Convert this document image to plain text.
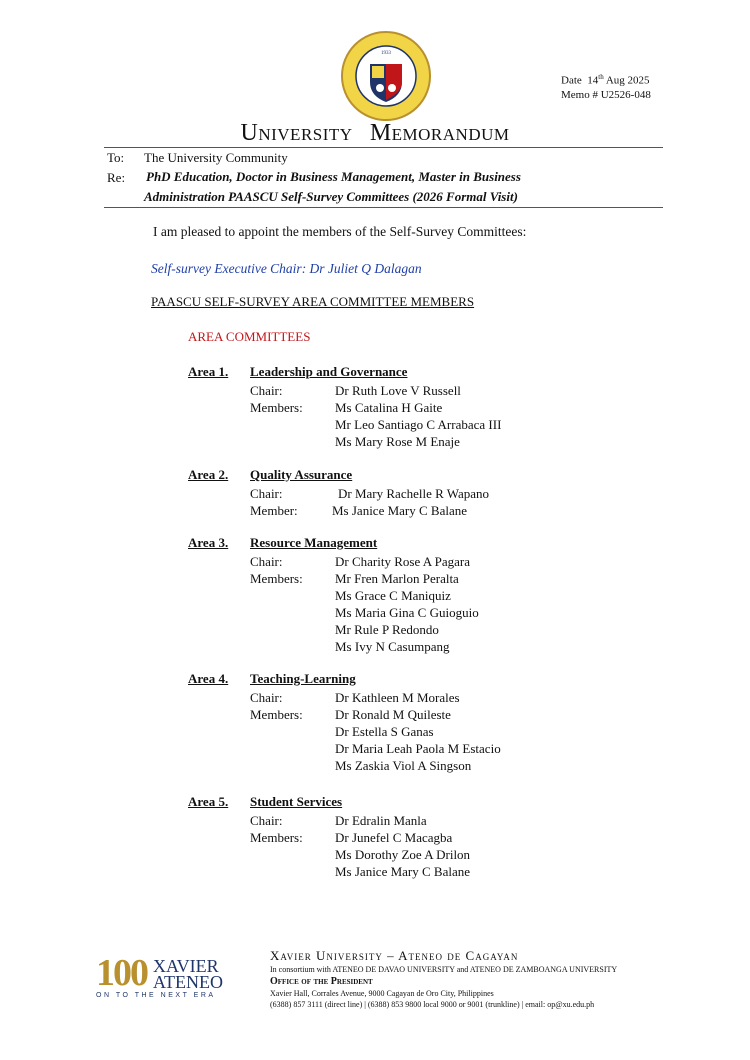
1933
Date  14th Aug 2025
Memo # U2526-048
UNIVERSITY MEMORANDUM
To: The University Community
Re: PhD Education, Doctor in Business Management, Master in Business
Administration PAASCU Self-Survey Committees (2026 Formal Visit)
I am pleased to appoint the members of the Self-Survey Committees:
Self-survey Executive Chair: Dr Juliet Q Dalagan
PAASCU SELF-SURVEY AREA COMMITTEE MEMBERS
AREA COMMITTEES
Area 1. Leadership and Governance
Chair:	Dr Ruth Love V Russell
Members: Ms Catalina H Gaite
Mr Leo Santiago C Arrabaca III
Ms Mary Rose M Enaje
Area 2. Quality Assurance
Chair:	Dr Mary Rachelle R Wapano
Member:	Ms Janice Mary C Balane
Area 3. Resource Management
Chair:	Dr Charity Rose A Pagara
Members: Mr Fren Marlon Peralta
Ms Grace C Maniquiz
Ms Maria Gina C Guioguio
Mr Rule P Redondo
Ms Ivy N Casumpang
Area 4. Teaching-Learning
Chair:	Dr Kathleen M Morales
Members: Dr Ronald M Quileste
Dr Estella S Ganas
Dr Maria Leah Paola M Estacio
Ms Zaskia Viol A Singson
Area 5. Student Services
Chair:	Dr Edralin Manla
Members: Dr Junefel C Macagba
Ms Dorothy Zoe A Drilon
Ms Janice Mary C Balane
100 XAVIER
ATENEO
ON TO THE NEXT ERA
Xavier University – Ateneo de Cagayan
In consortium with ATENEO DE DAVAO UNIVERSITY and ATENEO DE ZAMBOANGA UNIVERSITY
Office of the President
Xavier Hall, Corrales Avenue, 9000 Cagayan de Oro City, Philippines
(6388) 857 3111 (direct line) | (6388) 853 9800 local 9000 or 9001 (trunkline) | email: op@xu.edu.ph
